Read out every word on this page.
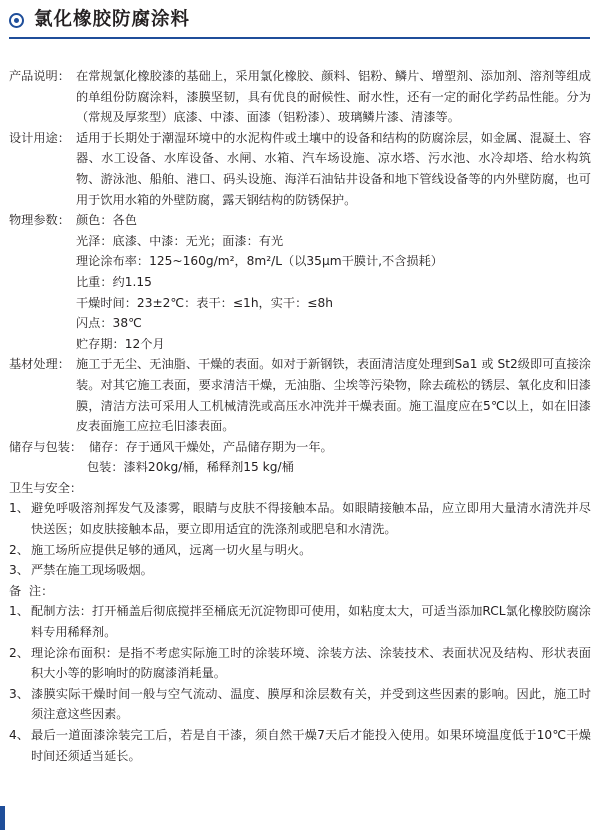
氯化橡胶防腐涂料
产品说明： 在常规氯化橡胶漆的基础上，采用氯化橡胶、颜料、铝粉、鳞片、增塑剂、添加剂、溶剂等组成的单组份防腐涂料，漆膜坚韧，具有优良的耐候性、耐水性，还有一定的耐化学药品性能。分为（常规及厚浆型）底漆、中漆、面漆（铝粉漆）、玻璃鳞片漆、清漆等。
设计用途： 适用于长期处于潮湿环境中的水泥构件或土壤中的设备和结构的防腐涂层，如金属、混凝土、容器、水工设备、水库设备、水闸、水箱、汽车场设施、凉水塔、污水池、水冷却塔、给水构筑物、游泳池、船舶、港口、码头设施、海洋石油钻井设备和地下管线设备等的内外壁防腐，也可用于饮用水箱的外壁防腐，露天钢结构的防锈保护。
物理参数： 颜色：各色
光泽：底漆、中漆：无光；面漆：有光
理论涂布率：125~160g/m²，8m²/L（以35μm干膜计,不含损耗）
比重：约1.15
干燥时间：23±2℃：表干：≤1h，实干：≤8h
闪点：38℃
贮存期：12个月
基材处理： 施工于无尘、无油脂、干燥的表面。如对于新钢铁，表面清洁度处理到Sa1 或 St2级即可直接涂装。对其它施工表面，要求清洁干燥，无油脂、尘埃等污染物，除去疏松的锈层、氧化皮和旧漆膜，清洁方法可采用人工机械清洗或高压水冲洗并干燥表面。施工温度应在5℃以上，如在旧漆皮表面施工应拉毛旧漆表面。
储存与包装： 储存：存于通风干燥处，产品储存期为一年。
包装：漆料20kg/桶，稀释剂15 kg/桶
卫生与安全：
1、 避免呼吸溶剂挥发气及漆雾，眼睛与皮肤不得接触本品。如眼睛接触本品，应立即用大量清水清洗并尽快送医；如皮肤接触本品，要立即用适宜的洗涤剂或肥皂和水清洗。
2、 施工场所应提供足够的通风，远离一切火星与明火。
3、 严禁在施工现场吸烟。
备  注：
1、 配制方法：打开桶盖后彻底搅拌至桶底无沉淀物即可使用，如粘度太大，可适当添加RCL氯化橡胶防腐涂料专用稀释剂。
2、 理论涂布面积：是指不考虑实际施工时的涂装环境、涂装方法、涂装技术、表面状况及结构、形状表面积大小等的影响时的防腐漆消耗量。
3、 漆膜实际干燥时间一般与空气流动、温度、膜厚和涂层数有关，并受到这些因素的影响。因此，施工时须注意这些因素。
4、 最后一道面漆涂装完工后，若是自干漆，须自然干燥7天后才能投入使用。如果环境温度低于10℃干燥时间还须适当延长。
